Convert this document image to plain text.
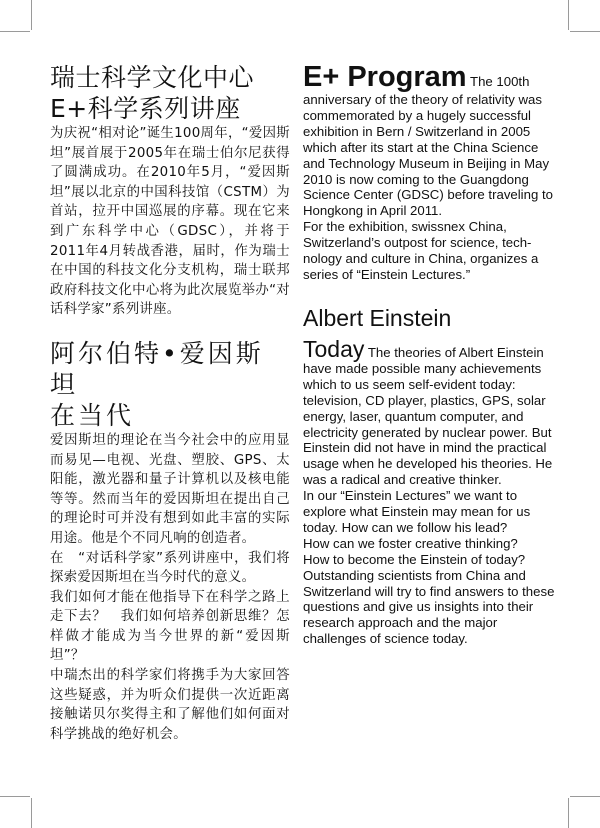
瑞士科学文化中心
E+科学系列讲座

为庆祝“相对论”诞生100周年，“爱因斯坦”展首展于2005年在瑞士伯尔尼获得了圆满成功。在2010年5月，“爱因斯坦”展以北京的中国科技馆（CSTM）为首站，拉开中国巡展的序幕。现在它来到广东科学中心（GDSC），并将于2011年4月转战香港，届时，作为瑞士在中国的科技文化分支机构，瑞士联邦政府科技文化中心将为此次展览举办“对话科学家”系列讲座。

阿尔伯特•爱因斯坦
在当代

爱因斯坦的理论在当今社会中的应用显而易见—电视、光盘、塑胶、GPS、太阳能，激光器和量子计算机以及核电能等等。然而当年的爱因斯坦在提出自己的理论时可并没有想到如此丰富的实际用途。他是个不同凡响的创造者。

在　“对话科学家”系列讲座中，我们将探索爱因斯坦在当今时代的意义。

我们如何才能在他指导下在科学之路上走下去？　我们如何培养创新思维？怎样做才能成为当今世界的新“爱因斯坦”？

中瑞杰出的科学家们将携手为大家回答这些疑惑，并为听众们提供一次近距离接触诺贝尔奖得主和了解他们如何面对科学挑战的绝好机会。

E+ Program The 100th anniversary of the theory of relativity was commemorated by a hugely successful exhibition in Bern / Switzerland in 2005 which after its start at the China Science and Technology Museum in Beijing in May 2010 is now coming to the Guangdong Science Center (GDSC) before traveling to Hongkong in April 2011.

For the exhibition, swissnex China, Switzerland’s outpost for science, tech-nology and culture in China, organizes a series of “Einstein Lectures.”

Albert Einstein

Today The theories of Albert Einstein have made possible many achievements which to us seem self-evident today: television, CD player, plastics, GPS, solar energy, laser, quantum computer, and electricity generated by nuclear power. But Einstein did not have in mind the practical usage when he developed his theories. He was a radical and creative thinker.

In our “Einstein Lectures” we want to explore what Einstein may mean for us today. How can we follow his lead?

How can we foster creative thinking?

How to become the Einstein of today?

Outstanding scientists from China and Switzerland will try to find answers to these questions and give us insights into their research approach and the major challenges of science today.
